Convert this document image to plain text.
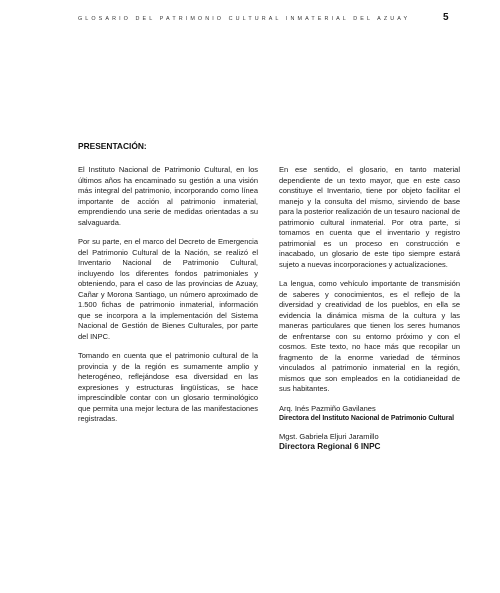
GLOSARIO DEL PATRIMONIO CULTURAL INMATERIAL DEL AZUAY	5
PRESENTACIÓN:

El Instituto Nacional de Patrimonio Cultural, en los últimos años ha encaminado su gestión a una visión más integral del patrimonio, incorporando como línea importante de acción al patrimonio inmaterial, emprendiendo una serie de medidas orientadas a su salvaguarda.

Por su parte, en el marco del Decreto de Emergencia del Patrimonio Cultural de la Nación, se realizó el Inventario Nacional de Patrimonio Cultural, incluyendo los diferentes fondos patrimoniales y obteniendo, para el caso de las provincias de Azuay, Cañar y Morona Santiago, un número aproximado de 1.500 fichas de patrimonio inmaterial, información que se incorpora a la implementación del Sistema Nacional de Gestión de Bienes Culturales, por parte del INPC.

Tomando en cuenta que el patrimonio cultural de la provincia y de la región es sumamente amplio y heterogéneo, reflejándose esa diversidad en las expresiones y estructuras lingüísticas, se hace imprescindible contar con un glosario terminológico que permita una mejor lectura de las manifestaciones registradas.

En ese sentido, el glosario, en tanto material dependiente de un texto mayor, que en este caso constituye el Inventario, tiene por objeto facilitar el manejo y la consulta del mismo, sirviendo de base para la posterior realización de un tesauro nacional de patrimonio cultural inmaterial. Por otra parte, si tomamos en cuenta que el inventario y registro patrimonial es un proceso en construcción e inacabado, un glosario de este tipo siempre estará sujeto a nuevas incorporaciones y actualizaciones.

La lengua, como vehículo importante de transmisión de saberes y conocimientos, es el reflejo de la diversidad y creatividad de los pueblos, en ella se evidencia la dinámica misma de la cultura y las maneras particulares que tienen los seres humanos de enfrentarse con su entorno próximo y con el cosmos. Este texto, no hace más que recopilar un fragmento de la enorme variedad de términos vinculados al patrimonio inmaterial en la región, mismos que son empleados en la cotidianeidad de sus habitantes.

Arq. Inés Pazmiño Gavilanes
Directora del Instituto Nacional de Patrimonio Cultural
Mgst. Gabriela Eljuri Jaramillo
Directora Regional 6 INPC
